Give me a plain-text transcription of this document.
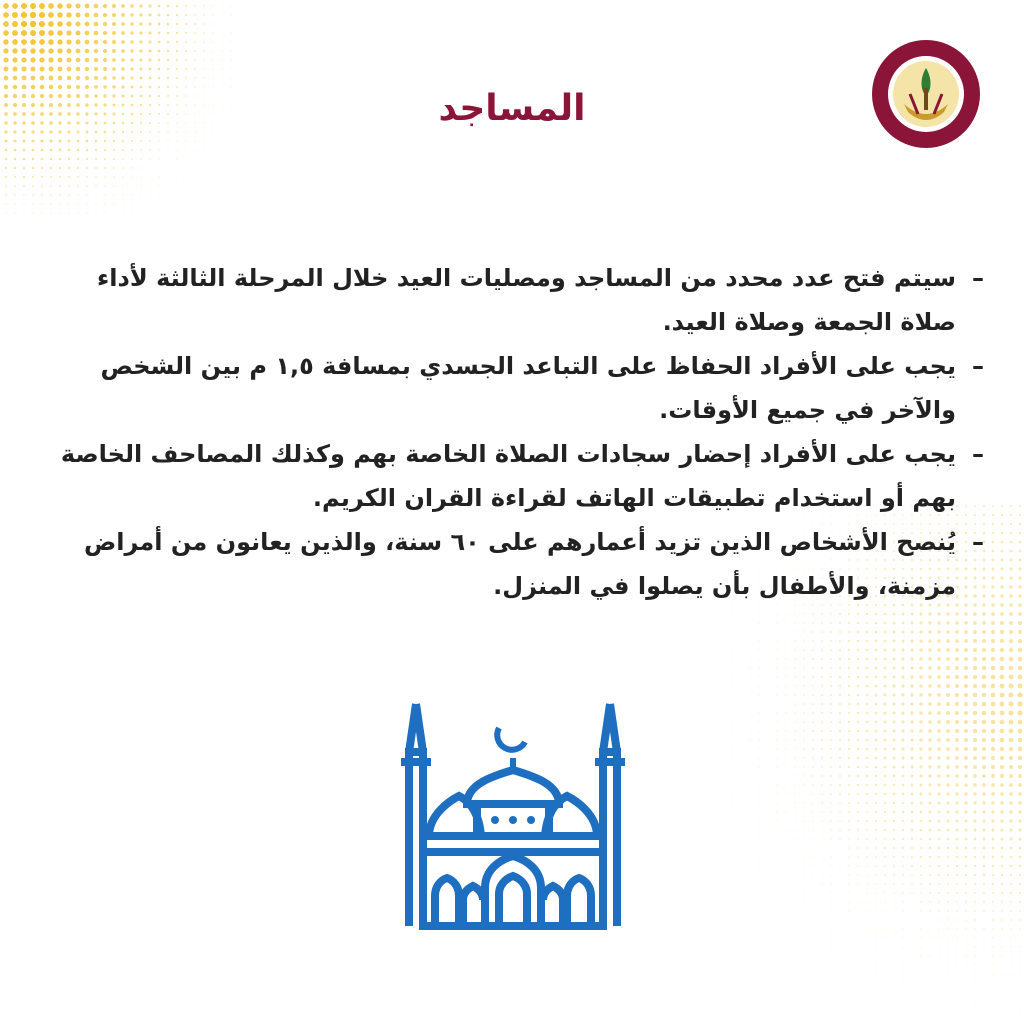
المساجد
–
سيتم فتح عدد محدد من المساجد ومصليات العيد خلال المرحلة الثالثة لأداء صلاة الجمعة وصلاة العيد.
–
يجب على الأفراد الحفاظ على التباعد الجسدي بمسافة ١,٥ م بين الشخص والآخر في جميع الأوقات.
–
يجب على الأفراد إحضار سجادات الصلاة الخاصة بهم وكذلك المصاحف الخاصة بهم أو استخدام تطبيقات الهاتف لقراءة القران الكريم.
–
يُنصح الأشخاص الذين تزيد أعمارهم على ٦٠ سنة، والذين يعانون من أمراض مزمنة، والأطفال بأن يصلوا في المنزل.
